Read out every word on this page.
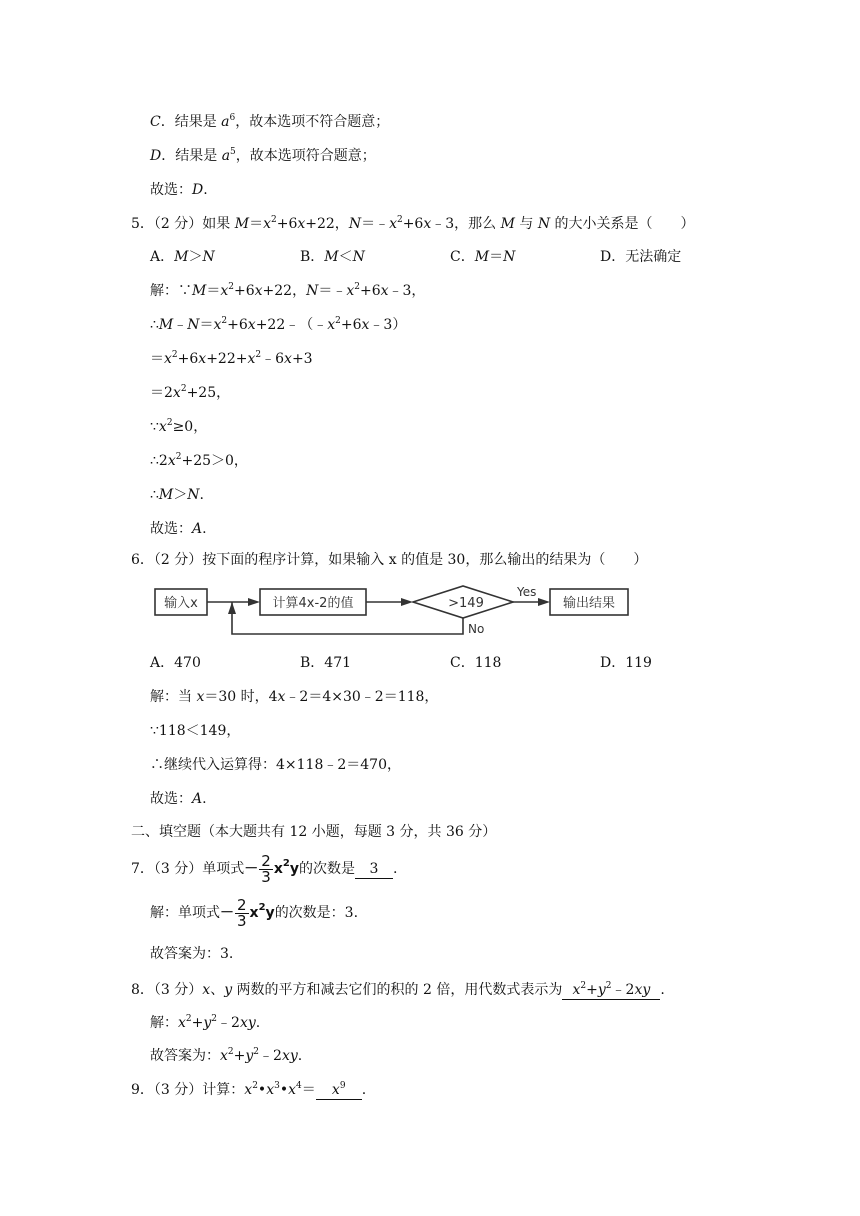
C．结果是 $a^6$，故本选项不符合题意；
D．结果是 $a^5$，故本选项符合题意；
故选：D.
5．（2 分）如果 $M=x^2+6x+22$，$N=﹣x^2+6x﹣3$，那么 M 与 N 的大小关系是（　　）
A．M＞N	B．M＜N	C．M＝N	D．无法确定
解：$\because M=x^2+6x+22$，$N=﹣x^2+6x﹣3$，
$\therefore M﹣N=x^2+6x+22﹣(﹣x^2+6x﹣3)$
$=x^2+6x+22+x^2﹣6x+3$
$=2x^2+25$，
$\because x^2\ge 0$，
$\therefore 2x^2+25>0$，
∴M＞N.
故选：A.
6．（2 分）按下面的程序计算，如果输入 x 的值是 30，那么输出的结果为（　　）
输入x	计算4x-2的值	>149
Yes
输出结果
No
A．470	B．471	C．118	D．119
解：当 x＝30 时，4x﹣2＝4×30﹣2＝118，
∵118＜149，
∴继续代入运算得：4×118﹣2＝470，
故选：A.
二、填空题（本大题共有 12 小题，每题 3 分，共 36 分）
7．（3 分）单项式－ $\frac{2}{3} x^2y$的次数是 3 .
解：单项式－ $\frac{2}{3} x^2y$的次数是：3.
故答案为：3.
8．（3 分）x、y 两数的平方和减去它们的积的 2 倍，用代数式表示为 $x^2+y^2﹣2xy$ .
解：$x^2+y^2﹣2xy$.
故答案为：$x^2+y^2﹣2xy$.
9．（3 分）计算：$x^2•x^3•x^4= x^9$ .
